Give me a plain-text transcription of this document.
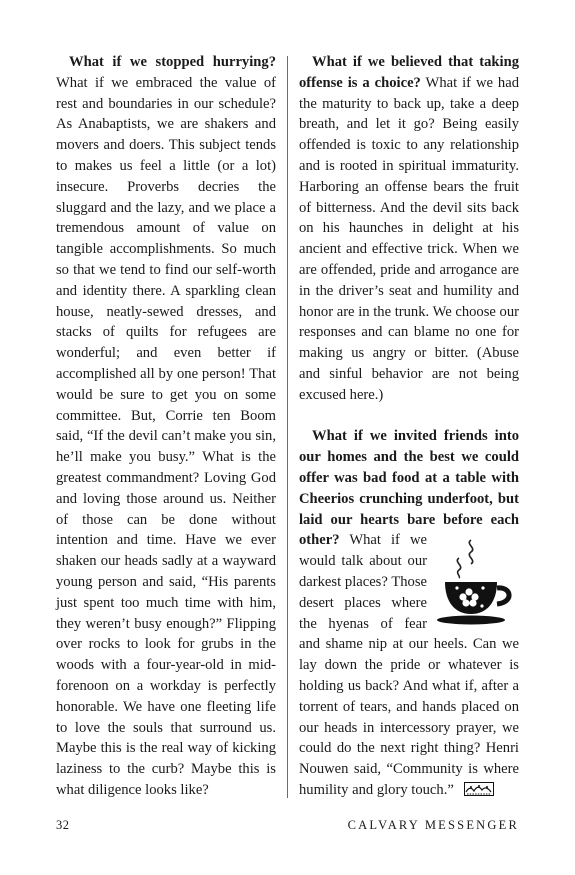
What if we stopped hurrying? What if we embraced the value of rest and boundaries in our schedule? As Anabaptists, we are shakers and movers and doers. This subject tends to makes us feel a little (or a lot) insecure. Proverbs decries the sluggard and the lazy, and we place a tremendous amount of value on tangible accomplishments. So much so that we tend to find our self-worth and identity there. A sparkling clean house, neatly-sewed dresses, and stacks of quilts for refugees are wonderful; and even better if accomplished all by one person! That would be sure to get you on some committee. But, Corrie ten Boom said, “If the devil can’t make you sin, he’ll make you busy.” What is the greatest commandment? Loving God and loving those around us. Neither of those can be done without intention and time. Have we ever shaken our heads sadly at a wayward young person and said, “His parents just spent too much time with him, they weren’t busy enough?” Flipping over rocks to look for grubs in the woods with a four-year-old in mid-forenoon on a workday is perfectly honorable. We have one fleeting life to love the souls that surround us. Maybe this is the real way of kicking laziness to the curb? Maybe this is what diligence looks like?

What if we believed that taking offense is a choice? What if we had the maturity to back up, take a deep breath, and let it go? Being easily offended is toxic to any relationship and is rooted in spiritual immaturity. Harboring an offense bears the fruit of bitterness. And the devil sits back on his haunches in delight at his ancient and effective trick. When we are offended, pride and arrogance are in the driver’s seat and humility and honor are in the trunk. We choose our responses and can blame no one for making us angry or bitter. (Abuse and sinful behavior are not being excused here.)

What if we invited friends into our homes and the best we could offer was bad food at a table with Cheerios crunching underfoot, but laid our hearts bare before each other?
What if we would talk about our darkest places? Those desert places where the hyenas of fear and shame nip at our heels. Can we lay down the pride or whatever is holding us back? And what if, after a torrent of tears, and hands placed on our heads in intercessory prayer, we could do the next right thing? Henri Nouwen said, “Community is where humility and glory touch.”

32	CALVARY MESSENGER
